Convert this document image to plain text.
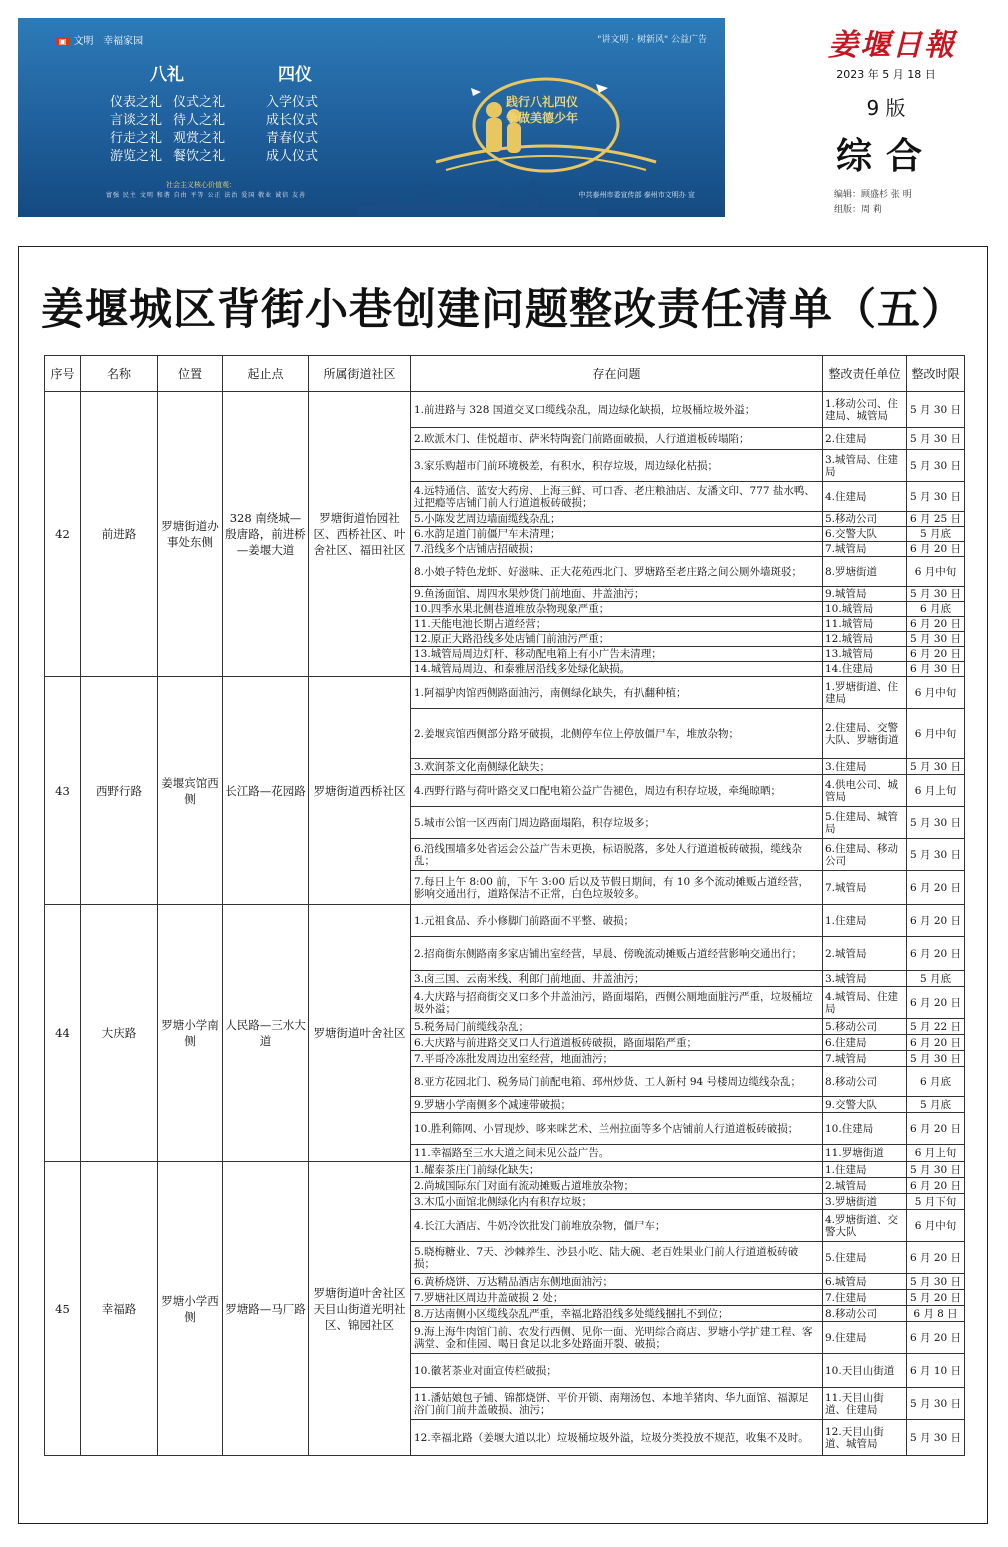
▣ 文明 幸福家园	"讲文明 · 树新风" 公益广告
八礼	四仪
仪表之礼 仪式之礼 言谈之礼 待人之礼 行走之礼 观赏之礼 游览之礼 餐饮之礼
入学仪式
成长仪式
青春仪式
成人仪式
社会主义核心价值观：
富强 民主 文明 和谐 自由 平等 公正 法治 爱国 敬业 诚信 友善
践行八礼四仪
争做美德少年
中共泰州市委宣传部 泰州市文明办 宣
姜堰日報
2023 年 5 月 18 日
9 版
综合
编辑：顾盛杉 张 明
组版：周 莉
姜堰城区背街小巷创建问题整改责任清单（五）
序号	名称	位置	起止点	所属街道社区	存在问题	整改责任单位	整改时限
42	前进路	罗塘街道办事处东侧	328 南绕城—殷唐路，前进桥—姜堰大道	罗塘街道怡园社区、西桥社区、叶舍社区、福田社区	1.前进路与 328 国道交叉口缆线杂乱，周边绿化缺损，垃圾桶垃圾外溢；	1.移动公司、住建局、城管局	5 月 30 日
					2.欧派木门、佳悦超市、萨米特陶瓷门前路面破损，人行道道板砖塌陷；	2.住建局	5 月 30 日
					3.家乐购超市门前环境极差，有积水，积存垃圾，周边绿化枯损；	3.城管局、住建局	5 月 30 日
					4.远特通信、蓝安大药房、上海三鲜、可口香、老庄粮油店、友潘文印、777 盐水鸭、过把瘾等店铺门前人行道道板砖破损；	4.住建局	5 月 30 日
					5.小陈发艺周边墙面缆线杂乱；	5.移动公司	6 月 25 日
					6.水韵足道门前僵尸车未清理；	6.交警大队	5 月底
					7.沿线多个店铺店招破损；	7.城管局	6 月 20 日
					8.小娘子特色龙虾、好滋味、正大花苑西北门、罗塘路至老庄路之间公厕外墙斑驳；	8.罗塘街道	6 月中旬
					9.鱼汤面馆、周四水果炒货门前地面、井盖油污；	9.城管局	5 月 30 日
					10.四季水果北侧巷道堆放杂物现象严重；	10.城管局	6 月底
					11.天能电池长期占道经营；	11.城管局	6 月 20 日
					12.原正大路沿线多处店铺门前油污严重；	12.城管局	5 月 30 日
					13.城管局周边灯杆、移动配电箱上有小广告未清理；	13.城管局	6 月 20 日
					14.城管局周边、和泰雅居沿线多处绿化缺损。	14.住建局	6 月 30 日
43	西野行路	姜堰宾馆西侧	长江路—花园路	罗塘街道西桥社区	1.阿福驴肉馆西侧路面油污，南侧绿化缺失，有扒翻种植；	1.罗塘街道、住建局	6 月中旬
					2.姜堰宾馆西侧部分路牙破损，北侧停车位上停放僵尸车，堆放杂物；	2.住建局、交警大队、罗塘街道	6 月中旬
					3.欢润茶文化南侧绿化缺失；	3.住建局	5 月 30 日
					4.西野行路与荷叶路交叉口配电箱公益广告褪色，周边有积存垃圾，牵绳晾晒；	4.供电公司、城管局	6 月上旬
					5.城市公馆一区西南门周边路面塌陷，积存垃圾多；	5.住建局、城管局	5 月 30 日
					6.沿线围墙多处省运会公益广告未更换，标语脱落，多处人行道道板砖破损，缆线杂乱；	6.住建局、移动公司	5 月 30 日
					7.每日上午 8:00 前，下午 3:00 后以及节假日期间，有 10 多个流动摊贩占道经营，影响交通出行，道路保洁不正常，白色垃圾较多。	7.城管局	6 月 20 日
44	大庆路	罗塘小学南侧	人民路—三水大道	罗塘街道叶舍社区	1.元祖食品、乔小修脚门前路面不平整、破损；	1.住建局	6 月 20 日
					2.招商街东侧路南多家店铺出室经营，早晨、傍晚流动摊贩占道经营影响交通出行；	2.城管局	6 月 20 日
					3.卤三国、云南米线、利郎门前地面、井盖油污；	3.城管局	5 月底
					4.大庆路与招商街交叉口多个井盖油污，路面塌陷，西侧公厕地面脏污严重，垃圾桶垃圾外溢；	4.城管局、住建局	6 月 20 日
					5.税务局门前缆线杂乱；	5.移动公司	5 月 22 日
					6.大庆路与前进路交叉口人行道道板砖破损，路面塌陷严重；	6.住建局	6 月 20 日
					7.平哥冷冻批发周边出室经营，地面油污；	7.城管局	5 月 30 日
					8.亚方花园北门、税务局门前配电箱、邳州炒货、工人新村 94 号楼周边缆线杂乱；	8.移动公司	6 月底
					9.罗塘小学南侧多个减速带破损；	9.交警大队	5 月底
					10.胜利筛网、小冒现炒、哆来咪艺术、兰州拉面等多个店铺前人行道道板砖破损；	10.住建局	6 月 20 日
					11.幸福路至三水大道之间未见公益广告。	11.罗塘街道	6 月上旬
45	幸福路	罗塘小学西侧	罗塘路—马厂路	罗塘街道叶舍社区 天目山街道光明社区、锦园社区	1.耀泰茶庄门前绿化缺失；	1.住建局	5 月 30 日
					2.尚城国际东门对面有流动摊贩占道堆放杂物；	2.城管局	6 月 20 日
					3.木瓜小面馆北侧绿化内有积存垃圾；	3.罗塘街道	5 月下旬
					4.长江大酒店、牛奶冷饮批发门前堆放杂物，僵尸车；	4.罗塘街道、交警大队	6 月中旬
					5.晓梅糖业、7天、沙棘养生、沙县小吃、陆大碗、老百姓果业门前人行道道板砖破损；	5.住建局	6 月 20 日
					6.黄桥烧饼、万达精品酒店东侧地面油污；	6.城管局	5 月 30 日
					7.罗塘社区周边井盖破损 2 处；	7.住建局	5 月 20 日
					8.万达南侧小区缆线杂乱严重，幸福北路沿线多处缆线捆扎不到位；	8.移动公司	6 月 8 日
					9.海上海牛肉馆门前、农发行西侧、见你一面、光明综合商店、罗塘小学扩建工程、客满堂、金和佳园、喝日食足以北多处路面开裂、破损；	9.住建局	6 月 20 日
					10.徽茗茶业对面宣传栏破损；	10.天目山街道	6 月 10 日
					11.潘姑娘包子铺、锦都烧饼、平价开锁、南翔汤包、本地羊猪肉、华九面馆、福源足浴门前门前井盖破损、油污；	11.天目山街道、住建局	5 月 30 日
					12.幸福北路（姜堰大道以北）垃圾桶垃圾外溢，垃圾分类投放不规范，收集不及时。	12.天目山街道、城管局	5 月 30 日
